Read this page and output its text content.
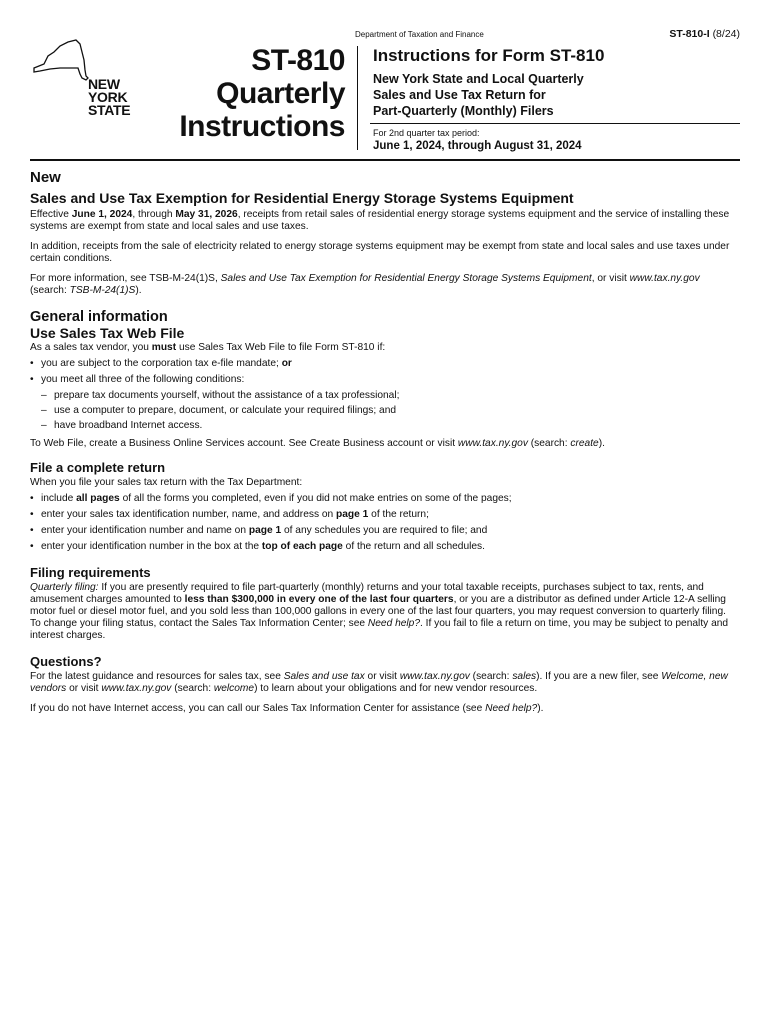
Department of Taxation and Finance	ST-810-I (8/24)
NEW
YORK
STATE
ST-810
Quarterly
Instructions
Instructions for Form ST-810
New York State and Local Quarterly
Sales and Use Tax Return for
Part-Quarterly (Monthly) Filers
For 2nd quarter tax period:
June 1, 2024, through August 31, 2024
New
Sales and Use Tax Exemption for Residential Energy Storage Systems Equipment

Effective June 1, 2024, through May 31, 2026, receipts from retail sales of residential energy storage systems equipment and the service of installing these systems are exempt from state and local sales and use taxes.

In addition, receipts from the sale of electricity related to energy storage systems equipment may be exempt from state and local sales and use taxes under certain conditions.

For more information, see TSB-M-24(1)S, Sales and Use Tax Exemption for Residential Energy Storage Systems Equipment, or visit www.tax.ny.gov (search: TSB-M-24(1)S).

General information
Use Sales Tax Web File

As a sales tax vendor, you must use Sales Tax Web File to file Form ST-810 if:

• you are subject to the corporation tax e-file mandate; or
• you meet all three of the following conditions:
– prepare tax documents yourself, without the assistance of a tax professional;
– use a computer to prepare, document, or calculate your required filings; and
– have broadband Internet access.

To Web File, create a Business Online Services account. See Create Business account or visit www.tax.ny.gov (search: create).

File a complete return

When you file your sales tax return with the Tax Department:

• include all pages of all the forms you completed, even if you did not make entries on some of the pages;
• enter your sales tax identification number, name, and address on page 1 of the return;
• enter your identification number and name on page 1 of any schedules you are required to file; and
• enter your identification number in the box at the top of each page of the return and all schedules.
Filing requirements

Quarterly filing: If you are presently required to file part-quarterly (monthly) returns and your total taxable receipts, purchases subject to tax, rents, and amusement charges amounted to less than $300,000 in every one of the last four quarters, or you are a distributor as defined under Article 12-A selling motor fuel or diesel motor fuel, and you sold less than 100,000 gallons in every one of the last four quarters, you may request conversion to quarterly filing. To change your filing status, contact the Sales Tax Information Center; see Need help?. If you fail to file a return on time, you may be subject to penalty and interest charges.

Questions?

For the latest guidance and resources for sales tax, see Sales and use tax or visit www.tax.ny.gov (search: sales). If you are a new filer, see Welcome, new vendors or visit www.tax.ny.gov (search: welcome) to learn about your obligations and for new vendor resources.

If you do not have Internet access, you can call our Sales Tax Information Center for assistance (see Need help?).
